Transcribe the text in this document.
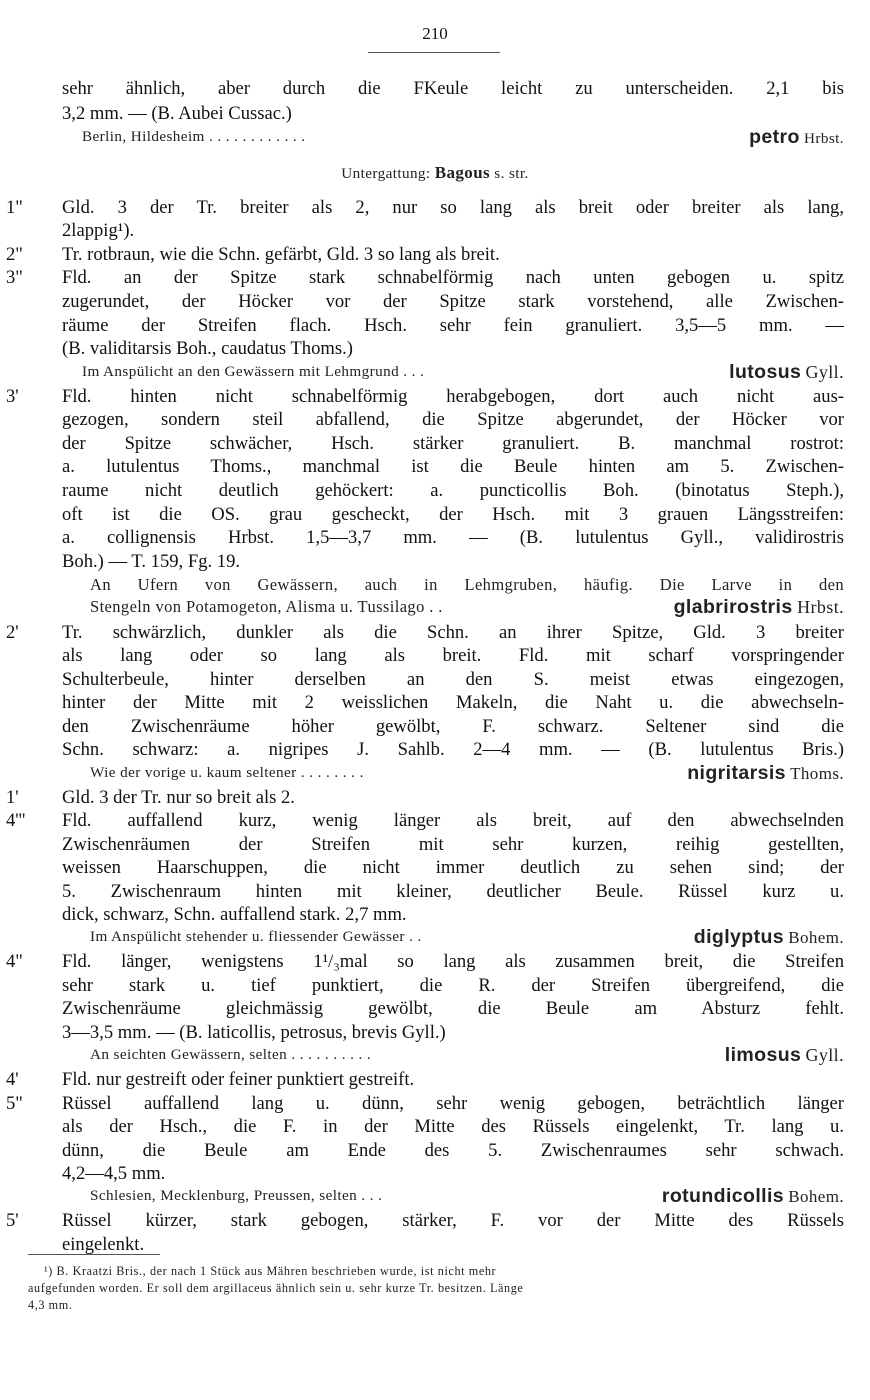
210
sehr ähnlich, aber durch die FKeule leicht zu unterscheiden. 2,1 bis
3,2 mm. — (B. Aubei Cussac.)
Berlin, Hildesheim . . . . . . . . . . . .	petro Hrbst.
Untergattung: Bagous s. str.
1" Gld. 3 der Tr. breiter als 2, nur so lang als breit oder breiter als lang,
2lappig¹).
2" Tr. rotbraun, wie die Schn. gefärbt, Gld. 3 so lang als breit.
3" Fld. an der Spitze stark schnabelförmig nach unten gebogen u. spitz
zugerundet, der Höcker vor der Spitze stark vorstehend, alle Zwischen-
räume der Streifen flach. Hsch. sehr fein granuliert. 3,5—5 mm. —
(B. validitarsis Boh., caudatus Thoms.)
Im Anspülicht an den Gewässern mit Lehmgrund . . .	lutosus Gyll.
3' Fld. hinten nicht schnabelförmig herabgebogen, dort auch nicht aus-
gezogen, sondern steil abfallend, die Spitze abgerundet, der Höcker vor
der Spitze schwächer, Hsch. stärker granuliert. B. manchmal rostrot:
a. lutulentus Thoms., manchmal ist die Beule hinten am 5. Zwischen-
raume nicht deutlich gehöckert: a. puncticollis Boh. (binotatus Steph.),
oft ist die OS. grau gescheckt, der Hsch. mit 3 grauen Längsstreifen:
a. collignensis Hrbst. 1,5—3,7 mm. — (B. lutulentus Gyll., validirostris
Boh.) — T. 159, Fg. 19.
An Ufern von Gewässern, auch in Lehmgruben, häufig. Die Larve in den
Stengeln von Potamogeton, Alisma u. Tussilago . .	glabrirostris Hrbst.
2' Tr. schwärzlich, dunkler als die Schn. an ihrer Spitze, Gld. 3 breiter
als lang oder so lang als breit. Fld. mit scharf vorspringender
Schulterbeule, hinter derselben an den S. meist etwas eingezogen,
hinter der Mitte mit 2 weisslichen Makeln, die Naht u. die abwechseln-
den Zwischenräume höher gewölbt, F. schwarz. Seltener sind die
Schn. schwarz: a. nigripes J. Sahlb. 2—4 mm. — (B. lutulentus Bris.)
Wie der vorige u. kaum seltener . . . . . . . .	nigritarsis Thoms.
1' Gld. 3 der Tr. nur so breit als 2.
4''' Fld. auffallend kurz, wenig länger als breit, auf den abwechselnden
Zwischenräumen der Streifen mit sehr kurzen, reihig gestellten,
weissen Haarschuppen, die nicht immer deutlich zu sehen sind; der
5. Zwischenraum hinten mit kleiner, deutlicher Beule. Rüssel kurz u.
dick, schwarz, Schn. auffallend stark. 2,7 mm.
Im Anspülicht stehender u. fliessender Gewässer . .	diglyptus Bohem.
4" Fld. länger, wenigstens 1¹/₃mal so lang als zusammen breit, die Streifen
sehr stark u. tief punktiert, die R. der Streifen übergreifend, die
Zwischenräume gleichmässig gewölbt, die Beule am Absturz fehlt.
3—3,5 mm. — (B. laticollis, petrosus, brevis Gyll.)
An seichten Gewässern, selten . . . . . . . . . .	limosus Gyll.
4' Fld. nur gestreift oder feiner punktiert gestreift.
5" Rüssel auffallend lang u. dünn, sehr wenig gebogen, beträchtlich länger
als der Hsch., die F. in der Mitte des Rüssels eingelenkt, Tr. lang u.
dünn, die Beule am Ende des 5. Zwischenraumes sehr schwach.
4,2—4,5 mm.
Schlesien, Mecklenburg, Preussen, selten . . .	rotundicollis Bohem.
5' Rüssel kürzer, stark gebogen, stärker, F. vor der Mitte des Rüssels
eingelenkt.
¹) B. Kraatzi Bris., der nach 1 Stück aus Mähren beschrieben wurde, ist nicht mehr
aufgefunden worden. Er soll dem argillaceus ähnlich sein u. sehr kurze Tr. besitzen. Länge
4,3 mm.
